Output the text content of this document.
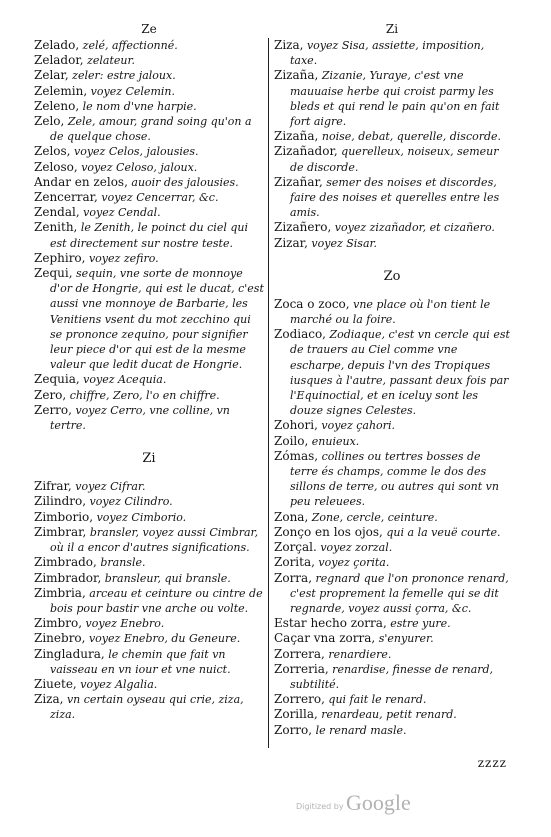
Ze

Zelado, zelé, affectionné.

Zelador, zelateur.

Zelar, zeler: estre jaloux.

Zelemin, voyez Celemin.

Zeleno, le nom d'vne harpie.

Zelo, Zele, amour, grand soing qu'on a de quelque chose.

Zelos, voyez Celos, jalousies.

Zeloso, voyez Celoso, jaloux.

Andar en zelos, auoir des jalousies.

Zencerrar, voyez Cencerrar, &c.

Zendal, voyez Cendal.

Zenith, le Zenith, le poinct du ciel qui est directement sur nostre teste.

Zephiro, voyez zefiro.

Zequi, sequin, vne sorte de monnoye d'or de Hongrie, qui est le ducat, c'est aussi vne monnoye de Barbarie, les Venitiens vsent du mot zecchino qui se prononce zequino, pour signifier leur piece d'or qui est de la mesme valeur que ledit ducat de Hongrie.

Zequia, voyez Acequia.

Zero, chiffre, Zero, l'o en chiffre.

Zerro, voyez Cerro, vne colline, vn tertre.

Zi

Zifrar, voyez Cifrar.

Zilindro, voyez Cilindro.

Zimborio, voyez Cimborio.

Zimbrar, bransler, voyez aussi Cimbrar, où il a encor d'autres significations.

Zimbrado, bransle.

Zimbrador, bransleur, qui bransle.

Zimbria, arceau et ceinture ou cintre de bois pour bastir vne arche ou volte.

Zimbro, voyez Enebro.

Zinebro, voyez Enebro, du Geneure.

Zingladura, le chemin que fait vn vaisseau en vn iour et vne nuict.

Ziuete, voyez Algalia.

Ziza, vn certain oyseau qui crie, ziza, ziza.

Zi

Ziza, voyez Sisa, assiette, imposition, taxe.

Zizaña, Zizanie, Yuraye, c'est vne mauuaise herbe qui croist parmy les bleds et qui rend le pain qu'on en fait fort aigre.

Zizaña, noise, debat, querelle, discorde.

Zizañador, querelleux, noiseux, semeur de discorde.

Zizañar, semer des noises et discordes, faire des noises et querelles entre les amis.

Zizañero, voyez zizañador, et cizañero.

Zizar, voyez Sisar.

Zo

Zoca o zoco, vne place où l'on tient le marché ou la foire.

Zodiaco, Zodiaque, c'est vn cercle qui est de trauers au Ciel comme vne escharpe, depuis l'vn des Tropiques iusques à l'autre, passant deux fois par l'Equinoctial, et en iceluy sont les douze signes Celestes.

Zohori, voyez çahori.

Zoilo, enuieux.

Zómas, collines ou tertres bosses de terre és champs, comme le dos des sillons de terre, ou autres qui sont vn peu releuees.

Zona, Zone, cercle, ceinture.

Zonço en los ojos, qui a la veuë courte.

Zorçal. voyez zorzal.

Zorita, voyez çorita.

Zorra, regnard que l'on prononce renard, c'est proprement la femelle qui se dit regnarde, voyez aussi çorra, &c.

Estar hecho zorra, estre yure.

Caçar vna zorra, s'enyurer.

Zorrera, renardiere.

Zorreria, renardise, finesse de renard, subtilité.

Zorrero, qui fait le renard.

Zorilla, renardeau, petit renard.

Zorro, le renard masle.

zzzz
Digitized by Google
